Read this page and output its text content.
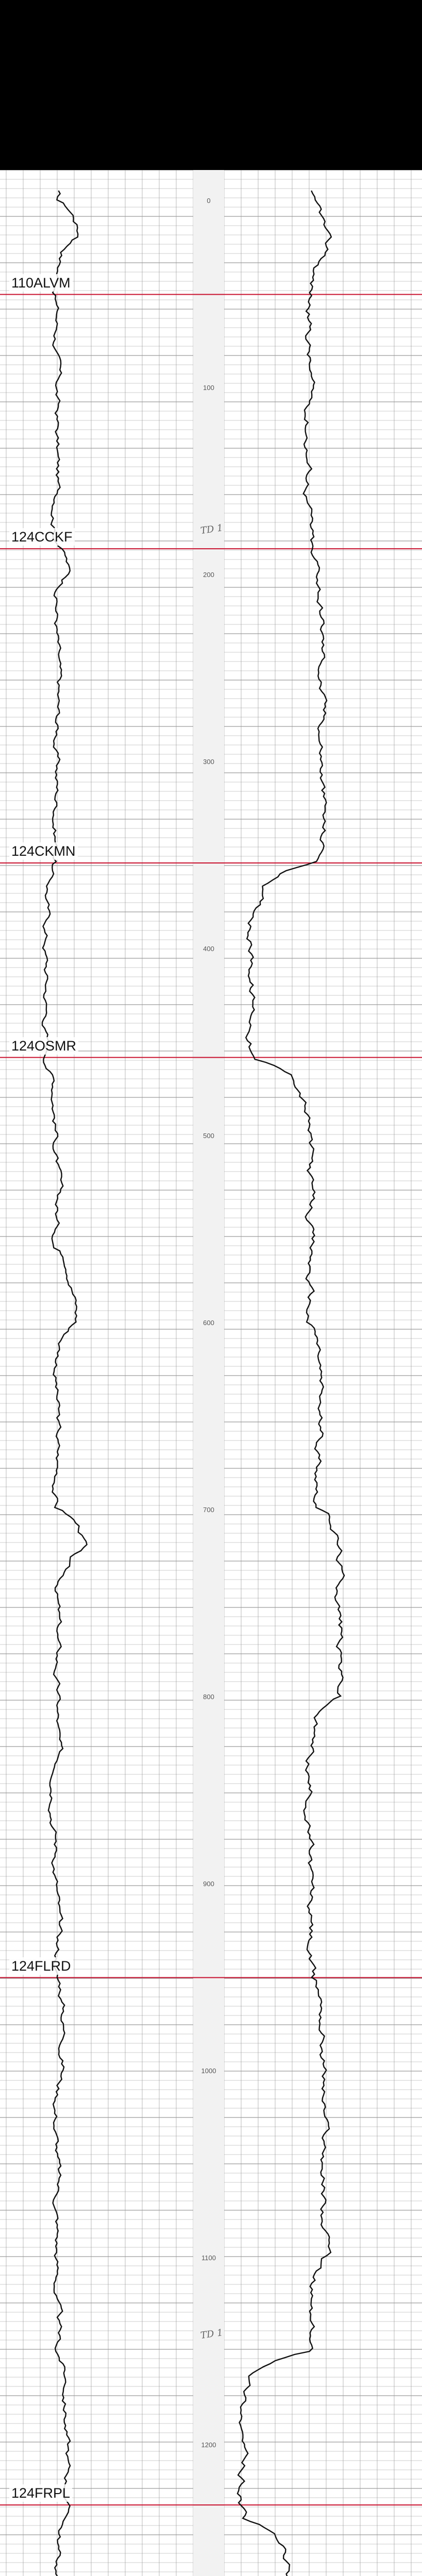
0
100
200
300
400
500
600
700
800
900
1000
1100
1200
TD 1
TD 1
110ALVM
124CCKF
124CKMN
124OSMR
124FLRD
124FRPL
